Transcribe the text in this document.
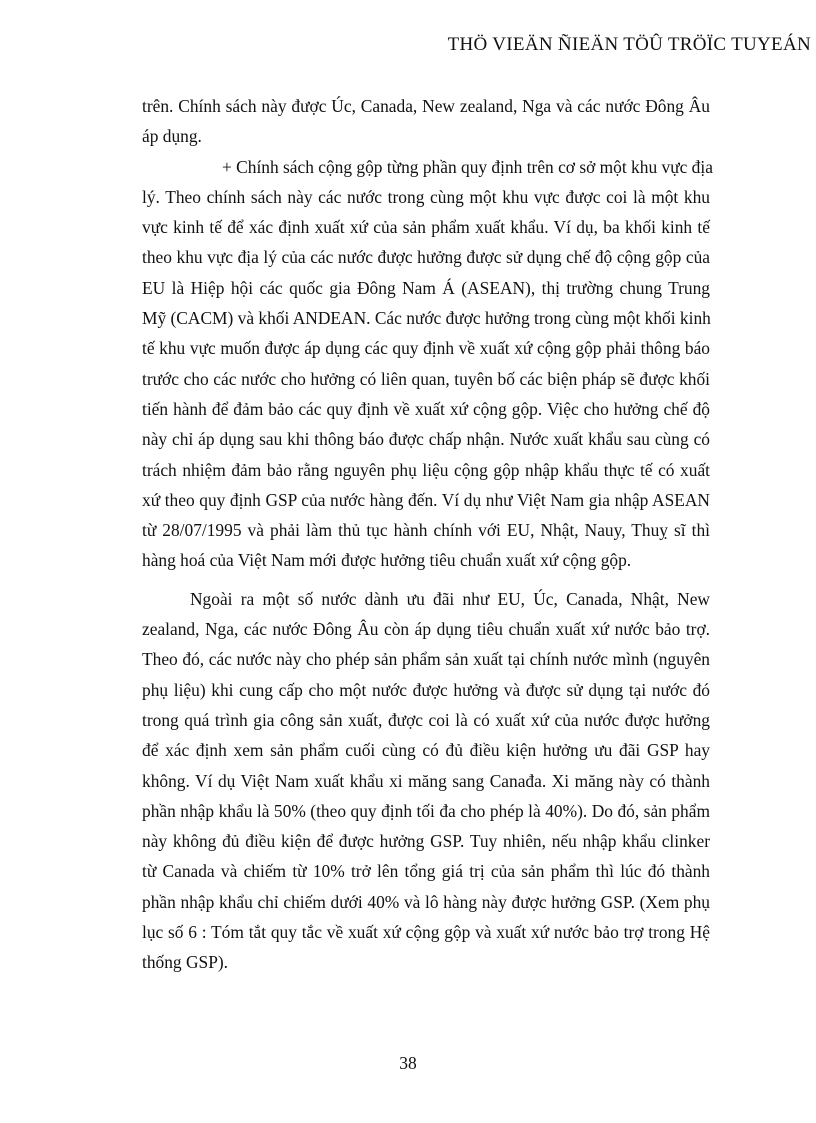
THÖ VIEÄN ÑIEÄN TÖÛ TRÖÏC TUYEÁN
trên. Chính sách này được Úc, Canada, New zealand, Nga và các nước Đông Âu
áp dụng.
+ Chính sách cộng gộp từng phần quy định trên cơ sở một khu vực địa
lý. Theo chính sách này các nước trong cùng một khu vực được coi là một khu
vực kinh tế để xác định xuất xứ của sản phẩm xuất khẩu. Ví dụ, ba khối kinh tế
theo khu vực địa lý của các nước được hưởng được sử dụng chế độ cộng gộp của
EU là Hiệp hội các quốc gia Đông Nam Á (ASEAN), thị trường chung Trung
Mỹ (CACM) và khối ANDEAN. Các nước được hưởng trong cùng một khối kinh
tế khu vực muốn được áp dụng các quy định về xuất xứ cộng gộp phải thông báo
trước cho các nước cho hưởng có liên quan, tuyên bố các biện pháp sẽ được khối
tiến hành để đảm bảo các quy định về xuất xứ cộng gộp. Việc cho hưởng chế độ
này chỉ áp dụng sau khi thông báo được chấp nhận. Nước xuất khẩu sau cùng có
trách nhiệm đảm bảo rằng nguyên phụ liệu cộng gộp nhập khẩu thực tế có xuất
xứ theo quy định GSP của nước hàng đến. Ví dụ như Việt Nam gia nhập ASEAN
từ 28/07/1995 và phải làm thủ tục hành chính với EU, Nhật, Nauy, Thuỵ sĩ thì
hàng hoá của Việt Nam mới được hưởng tiêu chuẩn xuất xứ cộng gộp.
Ngoài ra một số nước dành ưu đãi như EU, Úc, Canada, Nhật, New
zealand, Nga, các nước Đông Âu còn áp dụng tiêu chuẩn xuất xứ nước bảo trợ.
Theo đó, các nước này cho phép sản phẩm sản xuất tại chính nước mình (nguyên
phụ liệu) khi cung cấp cho một nước được hưởng và được sử dụng tại nước đó
trong quá trình gia công sản xuất, được coi là có xuất xứ của nước được hưởng
để xác định xem sản phẩm cuối cùng có đủ điều kiện hưởng ưu đãi GSP hay
không. Ví dụ Việt Nam xuất khẩu xi măng sang Canađa. Xi măng này có thành
phần nhập khẩu là 50% (theo quy định tối đa cho phép là 40%). Do đó, sản phẩm
này không đủ điều kiện để được hưởng GSP. Tuy nhiên, nếu nhập khẩu clinker
từ Canada và chiếm từ 10% trở lên tổng giá trị của sản phẩm thì lúc đó thành
phần nhập khẩu chỉ chiếm dưới 40% và lô hàng này được hưởng GSP. (Xem phụ
lục số 6 : Tóm tắt quy tắc về xuất xứ cộng gộp và xuất xứ nước bảo trợ trong Hệ
thống GSP).
38
